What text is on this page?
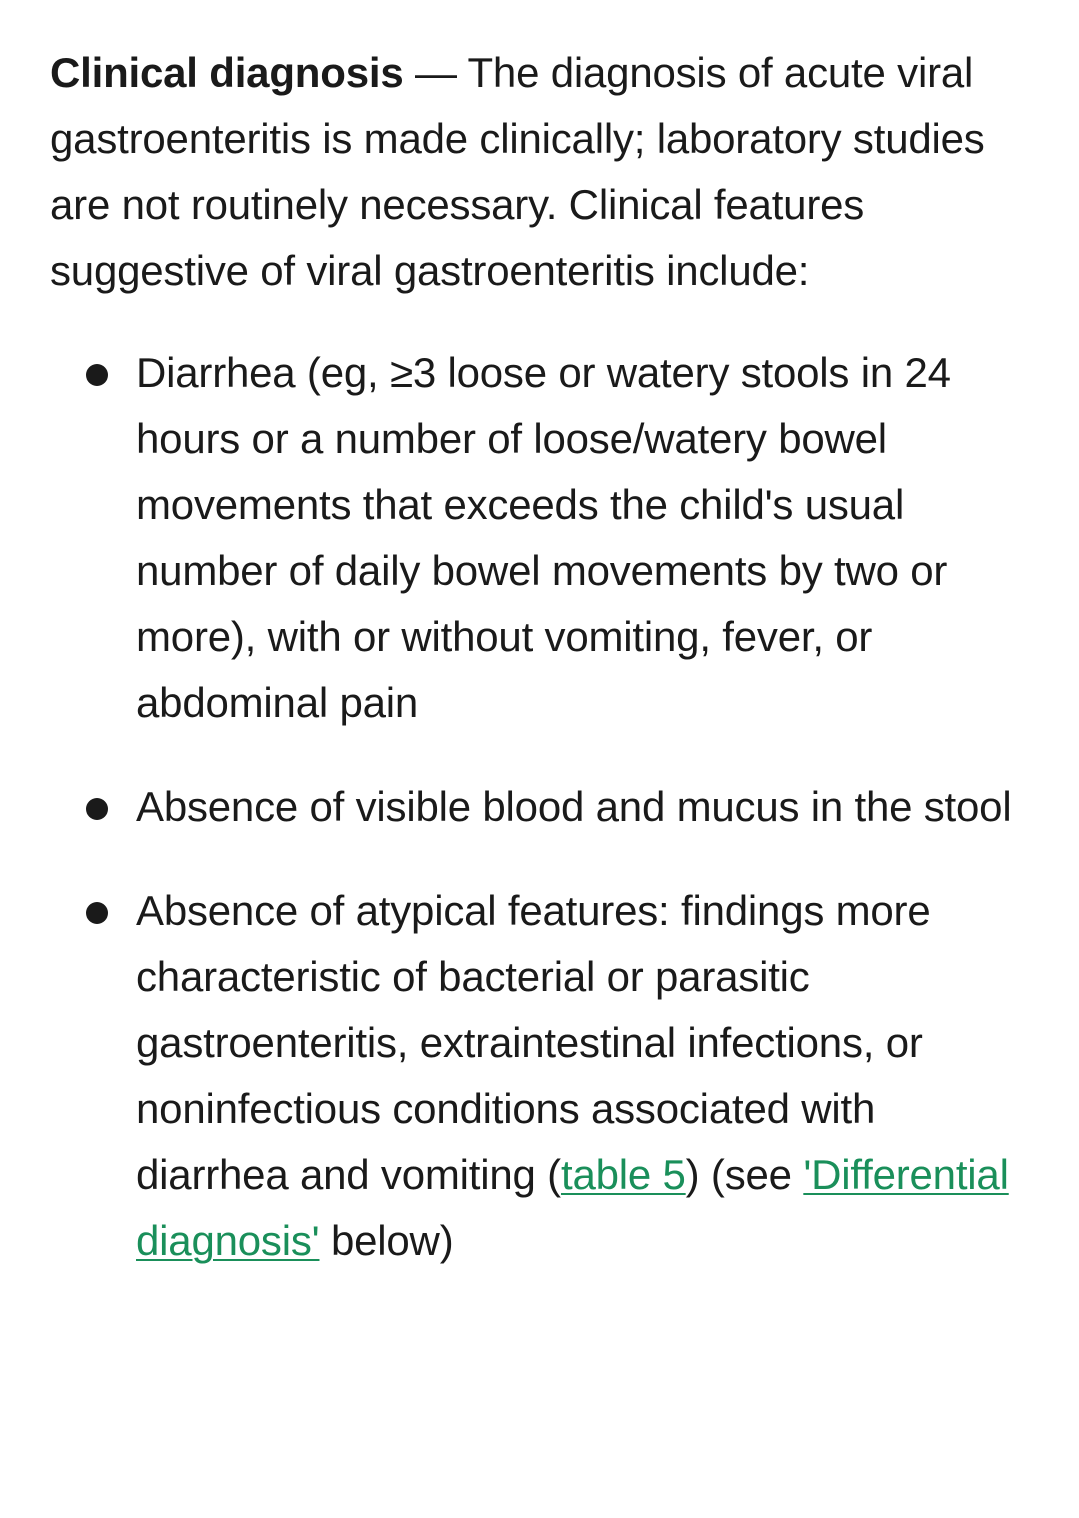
Clinical diagnosis — The diagnosis of acute viral gastroenteritis is made clinically; laboratory studies are not routinely necessary. Clinical features suggestive of viral gastroenteritis include:

Diarrhea (eg, ≥3 loose or watery stools in 24 hours or a number of loose/watery bowel movements that exceeds the child's usual number of daily bowel movements by two or more), with or without vomiting, fever, or abdominal pain
Absence of visible blood and mucus in the stool
Absence of atypical features: findings more characteristic of bacterial or parasitic gastroenteritis, extraintestinal infections, or noninfectious conditions associated with diarrhea and vomiting (table 5) (see 'Differential diagnosis' below)
